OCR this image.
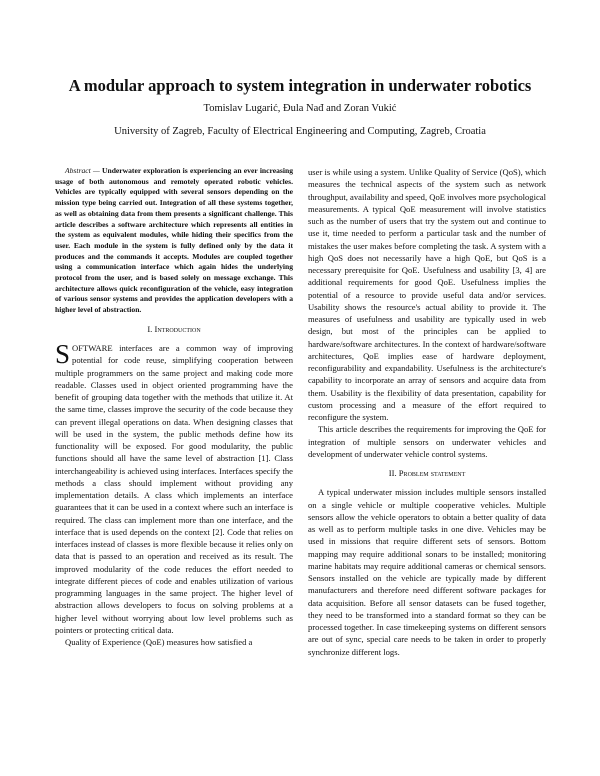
A modular approach to system integration in underwater robotics
Tomislav Lugarić, Đula Nađ and Zoran Vukić
University of Zagreb, Faculty of Electrical Engineering and Computing, Zagreb, Croatia

Abstract — Underwater exploration is experiencing an ever increasing usage of both autonomous and remotely operated robotic vehicles. Vehicles are typically equipped with several sensors depending on the mission type being carried out. Integration of all these systems together, as well as obtaining data from them presents a significant challenge. This article describes a software architecture which represents all entities in the system as equivalent modules, while hiding their specifics from the user. Each module in the system is fully defined only by the data it produces and the commands it accepts. Modules are coupled together using a communication interface which again hides the underlying protocol from the user, and is based solely on message exchange. This architecture allows quick reconfiguration of the vehicle, easy integration of various sensor systems and provides the application developers with a higher level of abstraction.

I. Introduction

SOFTWARE interfaces are a common way of improving potential for code reuse, simplifying cooperation between multiple programmers on the same project and making code more readable. Classes used in object oriented programming have the benefit of grouping data together with the methods that utilize it. At the same time, classes improve the security of the code because they can prevent illegal operations on data. When designing classes that will be used in the system, the public methods define how its functionality will be exposed. For good modularity, the public functions should all have the same level of abstraction [1]. Class interchangeability is achieved using interfaces. Interfaces specify the methods a class should implement without providing any implementation details. A class which implements an interface guarantees that it can be used in a context where such an interface is required. The class can implement more than one interface, and the interface that is used depends on the context [2]. Code that relies on interfaces instead of classes is more flexible because it relies only on data that is passed to an operation and received as its result. The improved modularity of the code reduces the effort needed to integrate different pieces of code and enables utilization of various programming languages in the same project. The higher level of abstraction allows developers to focus on solving problems at a higher level without worrying about low level problems such as pointers or protecting critical data.

Quality of Experience (QoE) measures how satisfied a

user is while using a system. Unlike Quality of Service (QoS), which measures the technical aspects of the system such as network throughput, availability and speed, QoE involves more psychological measurements. A typical QoE measurement will involve statistics such as the number of users that try the system out and continue to use it, time needed to perform a particular task and the number of mistakes the user makes before completing the task. A system with a high QoS does not necessarily have a high QoE, but QoS is a necessary prerequisite for QoE. Usefulness and usability [3, 4] are additional requirements for good QoE. Usefulness implies the potential of a resource to provide useful data and/or services. Usability shows the resource's actual ability to provide it. The measures of usefulness and usability are typically used in web design, but most of the principles can be applied to hardware/software architectures. In the context of hardware/software architectures, QoE implies ease of hardware deployment, reconfigurability and expandability. Usefulness is the architecture's capability to incorporate an array of sensors and acquire data from them. Usability is the flexibility of data presentation, capability for custom processing and a measure of the effort required to reconfigure the system.

This article describes the requirements for improving the QoE for integration of multiple sensors on underwater vehicles and development of underwater vehicle control systems.

II. Problem statement

A typical underwater mission includes multiple sensors installed on a single vehicle or multiple cooperative vehicles. Multiple sensors allow the vehicle operators to obtain a better quality of data as well as to perform multiple tasks in one dive. Vehicles may be used in missions that require different sets of sensors. Bottom mapping may require additional sonars to be installed; monitoring marine habitats may require additional cameras or chemical sensors. Sensors installed on the vehicle are typically made by different manufacturers and therefore need different software packages for data acquisition. Before all sensor datasets can be fused together, they need to be transformed into a standard format so they can be processed together. In case timekeeping systems on different sensors are out of sync, special care needs to be taken in order to properly synchronize different logs.
